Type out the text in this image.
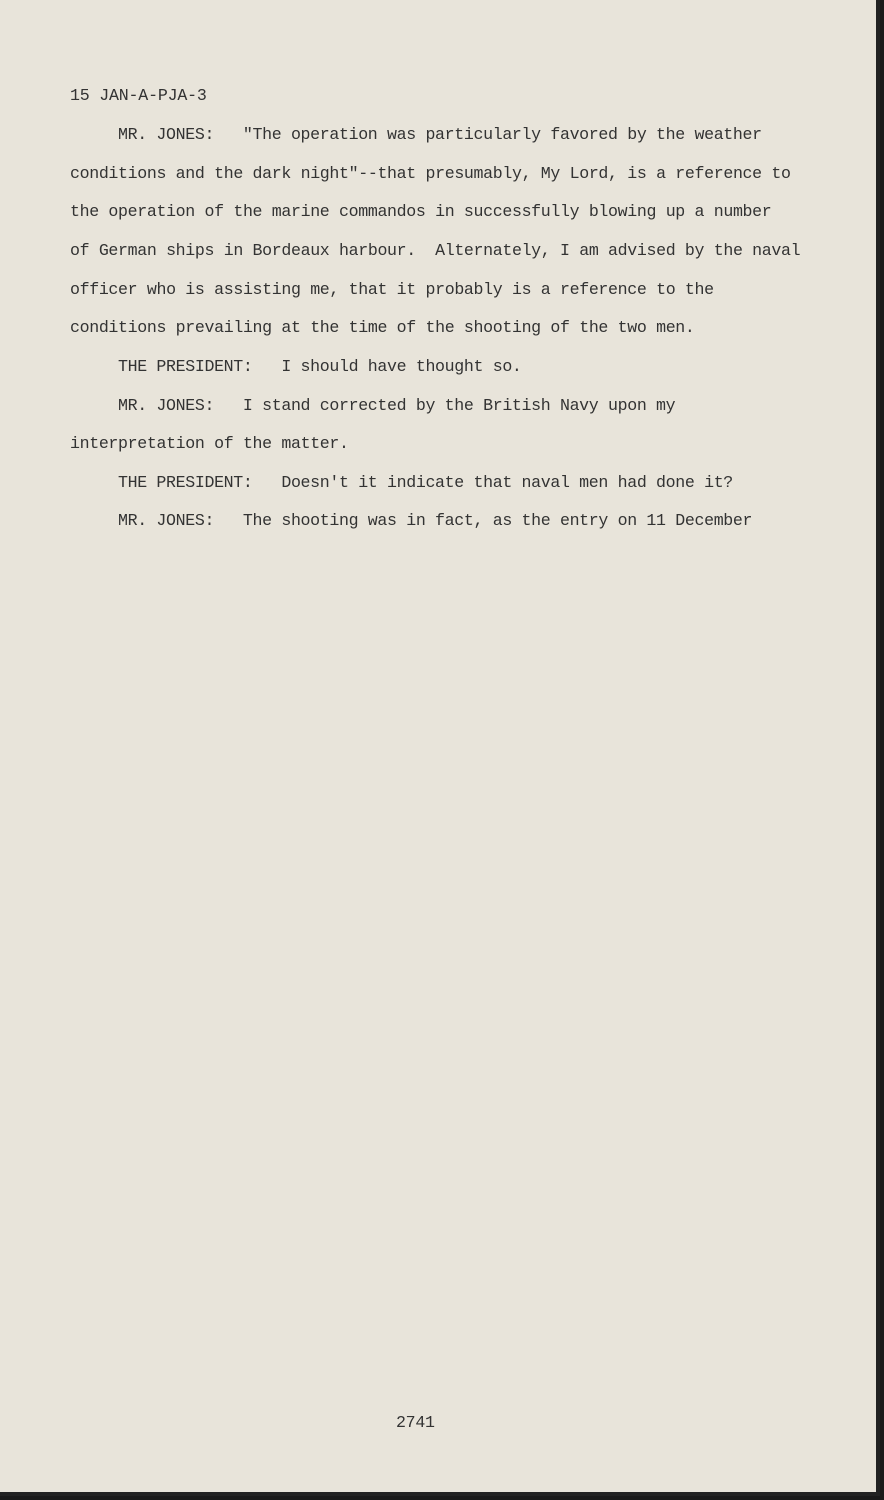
15 JAN-A-PJA-3
MR. JONES:   "The operation was particularly favored by the weather
conditions and the dark night"--that presumably, My Lord, is a reference to
the operation of the marine commandos in successfully blowing up a number
of German ships in Bordeaux harbour.  Alternately, I am advised by the naval
officer who is assisting me, that it probably is a reference to the
conditions prevailing at the time of the shooting of the two men.
THE PRESIDENT:   I should have thought so.
MR. JONES:   I stand corrected by the British Navy upon my
interpretation of the matter.
THE PRESIDENT:   Doesn't it indicate that naval men had done it?
MR. JONES:   The shooting was in fact, as the entry on 11 December
2741
